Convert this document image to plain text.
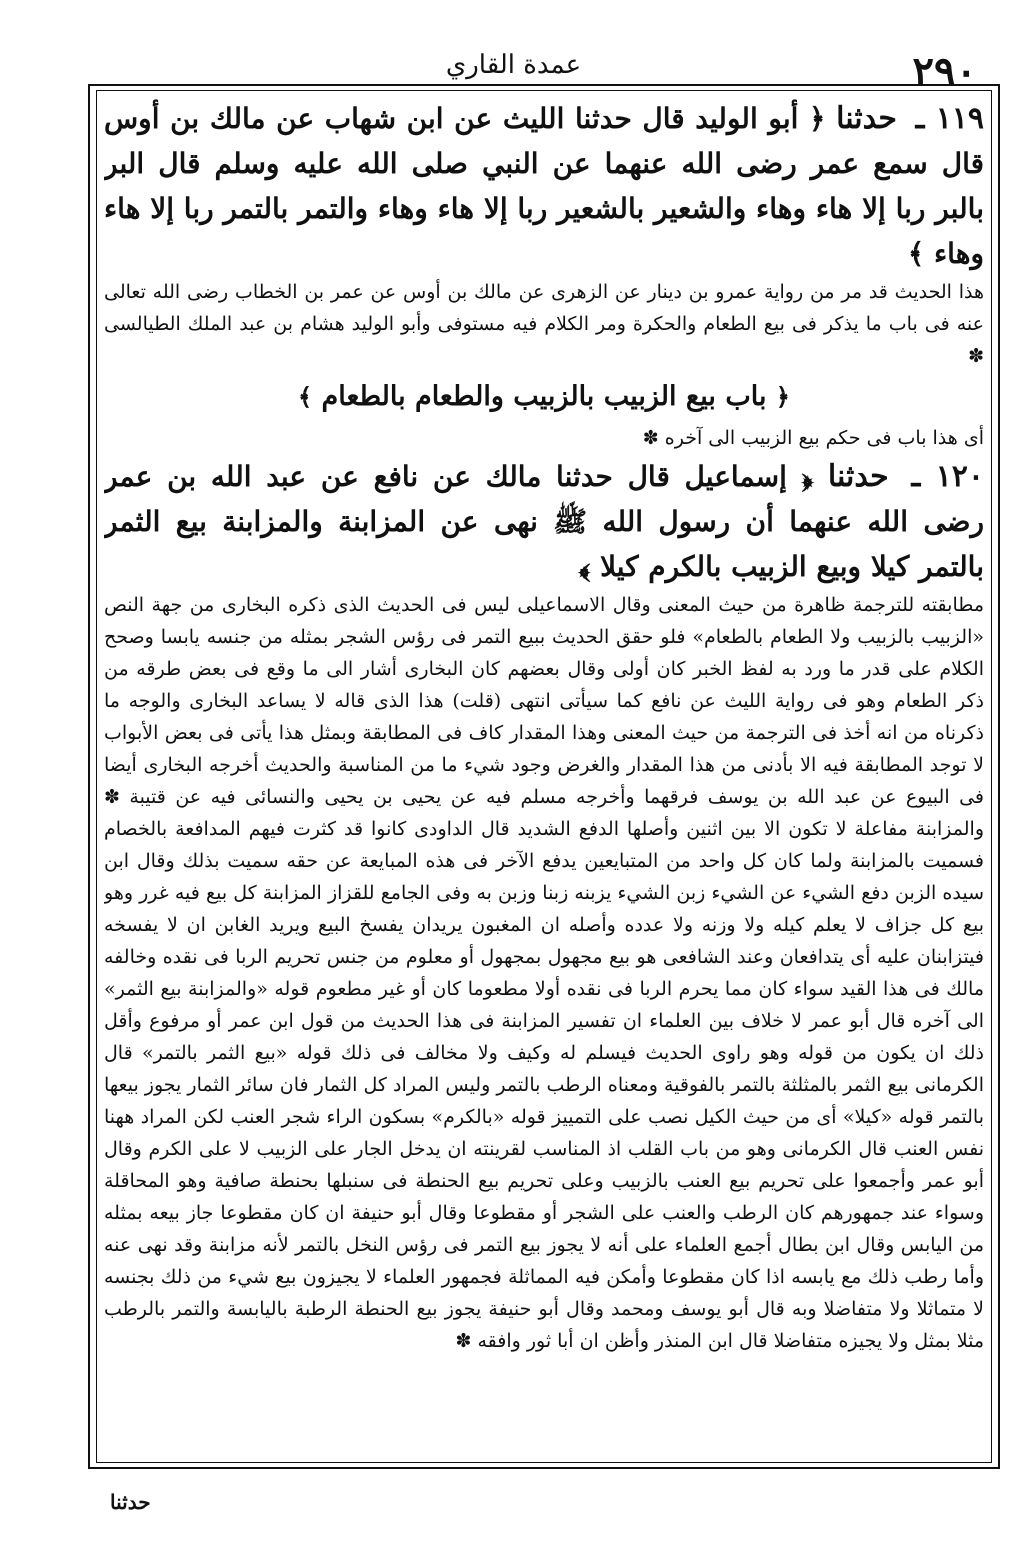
عمدة القاري	۲۹۰

۱۱۹ ـ حدثنا ﴿ أبو الوليد قال حدثنا الليث عن ابن شهاب عن مالك بن أوس قال سمع عمر رضى الله عنهما عن النبي صلى الله عليه وسلم قال البر بالبر ربا إلا هاء وهاء والشعير بالشعير ربا إلا هاء وهاء والتمر بالتمر ربا إلا هاء وهاء ﴾

هذا الحديث قد مر من رواية عمرو بن دينار عن الزهرى عن مالك بن أوس عن عمر بن الخطاب رضى الله تعالى عنه فى باب ما يذكر فى بيع الطعام والحكرة ومر الكلام فيه مستوفى وأبو الوليد هشام بن عبد الملك الطيالسى ✽

﴿ باب بيع الزبيب بالزبيب والطعام بالطعام ﴾

أى هذا باب فى حكم بيع الزبيب الى آخره ✽

۱۲۰ ـ حدثنا ﴿ إسماعيل قال حدثنا مالك عن نافع عن عبد الله بن عمر رضى الله عنهما أن رسول الله ﷺ نهى عن المزابنة والمزابنة بيع الثمر بالتمر كيلا وبيع الزبيب بالكرم كيلا ﴾

مطابقته للترجمة ظاهرة من حيث المعنى وقال الاسماعيلى ليس فى الحديث الذى ذكره البخارى من جهة النص «الزبيب بالزبيب ولا الطعام بالطعام» فلو حقق الحديث ببيع التمر فى رؤس الشجر بمثله من جنسه يابسا وصحح الكلام على قدر ما ورد به لفظ الخبر كان أولى وقال بعضهم كان البخارى أشار الى ما وقع فى بعض طرقه من ذكر الطعام وهو فى رواية الليث عن نافع كما سيأتى انتهى (قلت) هذا الذى قاله لا يساعد البخارى والوجه ما ذكرناه من انه أخذ فى الترجمة من حيث المعنى وهذا المقدار كاف فى المطابقة وبمثل هذا يأتى فى بعض الأبواب لا توجد المطابقة فيه الا بأدنى من هذا المقدار والغرض وجود شيء ما من المناسبة والحديث أخرجه البخارى أيضا فى البيوع عن عبد الله بن يوسف فرقهما وأخرجه مسلم فيه عن يحيى بن يحيى والنسائى فيه عن قتيبة ✽ والمزابنة مفاعلة لا تكون الا بين اثنين وأصلها الدفع الشديد قال الداودى كانوا قد كثرت فيهم المدافعة بالخصام فسميت بالمزابنة ولما كان كل واحد من المتبايعين يدفع الآخر فى هذه المبايعة عن حقه سميت بذلك وقال ابن سيده الزبن دفع الشيء عن الشيء زبن الشيء يزبنه زبنا وزبن به وفى الجامع للقزاز المزابنة كل بيع فيه غرر وهو بيع كل جزاف لا يعلم كيله ولا وزنه ولا عدده وأصله ان المغبون يريدان يفسخ البيع ويريد الغابن ان لا يفسخه فيتزابنان عليه أى يتدافعان وعند الشافعى هو بيع مجهول بمجهول أو معلوم من جنس تحريم الربا فى نقده وخالفه مالك فى هذا القيد سواء كان مما يحرم الربا فى نقده أولا مطعوما كان أو غير مطعوم قوله «والمزابنة بيع الثمر» الى آخره قال أبو عمر لا خلاف بين العلماء ان تفسير المزابنة فى هذا الحديث من قول ابن عمر أو مرفوع وأقل ذلك ان يكون من قوله وهو راوى الحديث فيسلم له وكيف ولا مخالف فى ذلك قوله «بيع الثمر بالتمر» قال الكرمانى بيع الثمر بالمثلثة بالتمر بالفوقية ومعناه الرطب بالتمر وليس المراد كل الثمار فان سائر الثمار يجوز بيعها بالتمر قوله «كيلا» أى من حيث الكيل نصب على التمييز قوله «بالكرم» بسكون الراء شجر العنب لكن المراد ههنا نفس العنب قال الكرمانى وهو من باب القلب اذ المناسب لقرينته ان يدخل الجار على الزبيب لا على الكرم وقال أبو عمر وأجمعوا على تحريم بيع العنب بالزبيب وعلى تحريم بيع الحنطة فى سنبلها بحنطة صافية وهو المحاقلة وسواء عند جمهورهم كان الرطب والعنب على الشجر أو مقطوعا وقال أبو حنيفة ان كان مقطوعا جاز بيعه بمثله من اليابس وقال ابن بطال أجمع العلماء على أنه لا يجوز بيع التمر فى رؤس النخل بالتمر لأنه مزابنة وقد نهى عنه وأما رطب ذلك مع يابسه اذا كان مقطوعا وأمكن فيه المماثلة فجمهور العلماء لا يجيزون بيع شيء من ذلك بجنسه لا متماثلا ولا متفاضلا وبه قال أبو يوسف ومحمد وقال أبو حنيفة يجوز بيع الحنطة الرطبة باليابسة والتمر بالرطب مثلا بمثل ولا يجيزه متفاضلا قال ابن المنذر وأظن ان أبا ثور وافقه ✽

حدثنا
